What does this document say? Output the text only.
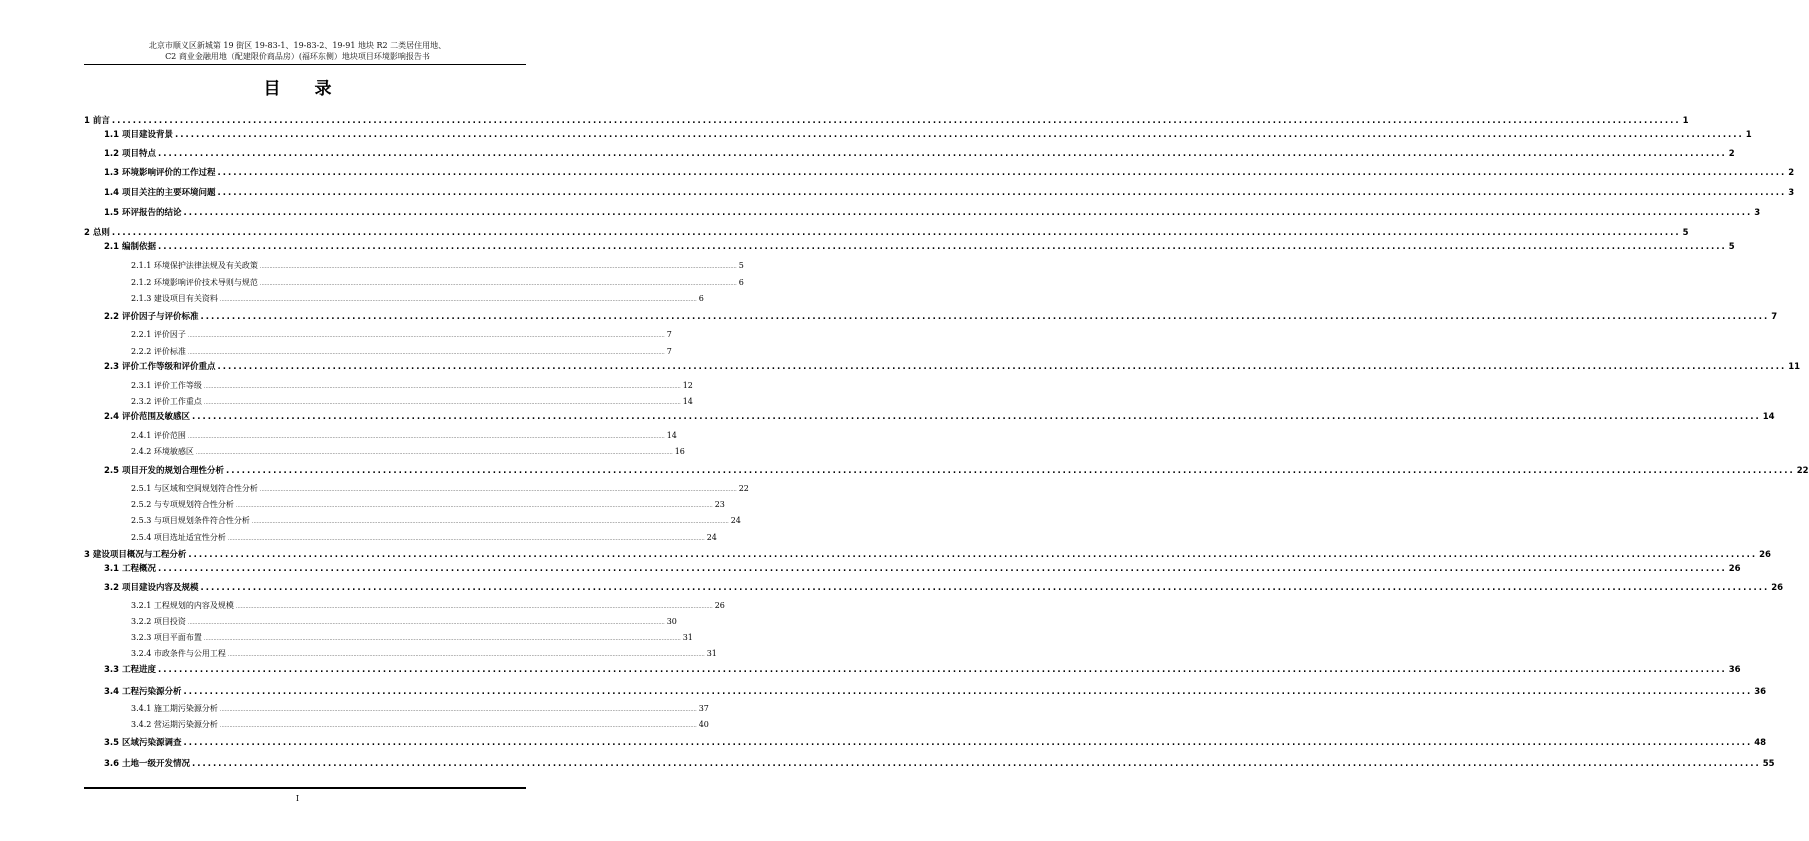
北京市顺义区新城第 19 街区 19-83-1、19-83-2、19-91 地块 R2 二类居住用地、
C2 商业金融用地（配建限价商品房）(福环东侧）地块项目环境影响报告书
目录
1 前言 ............................................................................................................................................................................................................................................................................................................ 1
1.1 项目建设背景 ............................................................................................................................................................................................................................................................................................................ 1
1.2 项目特点 ............................................................................................................................................................................................................................................................................................................ 2
1.3 环境影响评价的工作过程 ............................................................................................................................................................................................................................................................................................................ 2
1.4 项目关注的主要环境问题 ............................................................................................................................................................................................................................................................................................................ 3
1.5 环评报告的结论 ............................................................................................................................................................................................................................................................................................................ 3
2 总则 ............................................................................................................................................................................................................................................................................................................ 5
2.1 编制依据 ............................................................................................................................................................................................................................................................................................................ 5
2.1.1 环境保护法律法规及有关政策 ............................................................................................................................................................................................................................................................................................................ 5
2.1.2 环境影响评价技术导则与规范 ............................................................................................................................................................................................................................................................................................................ 6
2.1.3 建设项目有关资料 ............................................................................................................................................................................................................................................................................................................ 6
2.2 评价因子与评价标准 ............................................................................................................................................................................................................................................................................................................ 7
2.2.1 评价因子 ............................................................................................................................................................................................................................................................................................................ 7
2.2.2 评价标准 ............................................................................................................................................................................................................................................................................................................ 7
2.3 评价工作等级和评价重点 ............................................................................................................................................................................................................................................................................................................ 11
2.3.1 评价工作等级 ............................................................................................................................................................................................................................................................................................................ 12
2.3.2 评价工作重点 ............................................................................................................................................................................................................................................................................................................ 14
2.4 评价范围及敏感区 ............................................................................................................................................................................................................................................................................................................ 14
2.4.1 评价范围 ............................................................................................................................................................................................................................................................................................................ 14
2.4.2 环境敏感区 ............................................................................................................................................................................................................................................................................................................ 16
2.5 项目开发的规划合理性分析 ............................................................................................................................................................................................................................................................................................................ 22
2.5.1 与区域和空间规划符合性分析 ............................................................................................................................................................................................................................................................................................................ 22
2.5.2 与专项规划符合性分析 ............................................................................................................................................................................................................................................................................................................ 23
2.5.3 与项目规划条件符合性分析 ............................................................................................................................................................................................................................................................................................................ 24
2.5.4 项目选址适宜性分析 ............................................................................................................................................................................................................................................................................................................ 24
3 建设项目概况与工程分析 ............................................................................................................................................................................................................................................................................................................ 26
3.1 工程概况 ............................................................................................................................................................................................................................................................................................................ 26
3.2 项目建设内容及规模 ............................................................................................................................................................................................................................................................................................................ 26
3.2.1 工程规划的内容及规模 ............................................................................................................................................................................................................................................................................................................ 26
3.2.2 项目投资 ............................................................................................................................................................................................................................................................................................................ 30
3.2.3 项目平面布置 ............................................................................................................................................................................................................................................................................................................ 31
3.2.4 市政条件与公用工程 ............................................................................................................................................................................................................................................................................................................ 31
3.3 工程进度 ............................................................................................................................................................................................................................................................................................................ 36
3.4 工程污染源分析 ............................................................................................................................................................................................................................................................................................................ 36
3.4.1 施工期污染源分析 ............................................................................................................................................................................................................................................................................................................ 37
3.4.2 营运期污染源分析 ............................................................................................................................................................................................................................................................................................................ 40
3.5 区域污染源调查 ............................................................................................................................................................................................................................................................................................................ 48
3.6 土地一级开发情况 ............................................................................................................................................................................................................................................................................................................ 55
I
